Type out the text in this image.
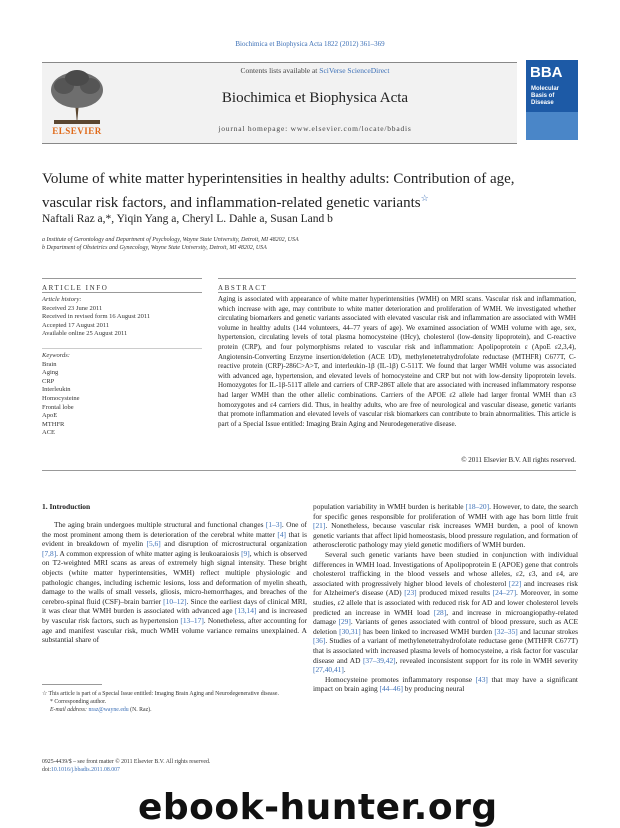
Biochimica et Biophysica Acta 1822 (2012) 361–369
ELSEVIER
Contents lists available at SciVerse ScienceDirect
Biochimica et Biophysica Acta
journal homepage: www.elsevier.com/locate/bbadis
BBA
Molecular Basis of Disease
Volume of white matter hyperintensities in healthy adults: Contribution of age, vascular risk factors, and inflammation-related genetic variants☆
Naftali Raz a,*, Yiqin Yang a, Cheryl L. Dahle a, Susan Land b
a Institute of Gerontology and Department of Psychology, Wayne State University, Detroit, MI 48202, USA
b Department of Obstetrics and Gynecology, Wayne State University, Detroit, MI 48202, USA
ARTICLE INFO	ABSTRACT
Article history:
Received 23 June 2011
Received in revised form 16 August 2011
Accepted 17 August 2011
Available online 25 August 2011
Keywords:
Brain
Aging
CRP
Interleukin
Homocysteine
Frontal lobe
ApoE
MTHFR
ACE
Aging is associated with appearance of white matter hyperintensities (WMH) on MRI scans. Vascular risk and inflammation, which increase with age, may contribute to white matter deterioration and proliferation of WMH. We investigated whether circulating biomarkers and genetic variants associated with elevated vascular risk and inflammation are associated with WMH volume in healthy adults (144 volunteers, 44–77 years of age). We examined association of WMH volume with age, sex, hypertension, circulating levels of total plasma homocysteine (tHcy), cholesterol (low-density lipoprotein), and C-reactive protein (CRP), and four polymorphisms related to vascular risk and inflammation: Apolipoprotein ε (ApoE ε2,3,4), Angiotensin-Converting Enzyme insertion/deletion (ACE I/D), methylenetetrahydrofolate reductase (MTHFR) C677T, C-reactive protein (CRP)-286C>A>T, and interleukin-1β (IL-1β) C-511T. We found that larger WMH volume was associated with advanced age, hypertension, and elevated levels of homocysteine and CRP but not with low-density lipoprotein levels. Homozygotes for IL-1β-511T allele and carriers of CRP-286T allele that are associated with increased inflammatory response had larger WMH than the other allelic combinations. Carriers of the APOE ε2 allele had larger frontal WMH than ε3 homozygotes and ε4 carriers did. Thus, in healthy adults, who are free of neurological and vascular disease, genetic variants that promote inflammation and elevated levels of vascular risk biomarkers can contribute to brain abnormalities. This article is part of a Special Issue entitled: Imaging Brain Aging and Neurodegenerative disease.
© 2011 Elsevier B.V. All rights reserved.
1. Introduction

The aging brain undergoes multiple structural and functional changes [1–3]. One of the most prominent among them is deterioration of the cerebral white matter [4] that is evident in breakdown of myelin [5,6] and disruption of microstructural organization [7,8]. A common expression of white matter aging is leukoaraiosis [9], which is observed on T2-weighted MRI scans as areas of extremely high signal intensity. These bright objects (white matter hyperintensities, WMH) reflect multiple physiologic and pathologic changes, including ischemic lesions, loss and deformation of myelin sheath, damage to the walls of small vessels, gliosis, micro-hemorrhages, and breaches of the cerebro-spinal fluid (CSF)–brain barrier [10–12]. Since the earliest days of clinical MRI, it was clear that WMH burden is associated with advanced age [13,14] and is increased by vascular risk factors, such as hypertension [13–17]. Nonetheless, after accounting for age and manifest vascular risk, much WMH volume variance remains unexplained. A substantial share of

population variability in WMH burden is heritable [18–20]. However, to date, the search for specific genes responsible for proliferation of WMH with age has born little fruit [21]. Nonetheless, because vascular risk increases WMH burden, a pool of known genetic variants that affect lipid homeostasis, blood pressure regulation, and formation of atherosclerotic pathology may yield genetic modifiers of WMH burden.

Several such genetic variants have been studied in conjunction with individual differences in WMH load. Investigations of Apolipoprotein E (APOE) gene that controls cholesterol trafficking in the blood vessels and whose alleles, ε2, ε3, and ε4, are associated with progressively higher blood levels of cholesterol [22] and increases risk for Alzheimer's disease (AD) [23] produced mixed results [24–27]. Moreover, in some studies, ε2 allele that is associated with reduced risk for AD and lower cholesterol levels predicted an increase in WMH load [28], and increase in microangiopathy-related damage [29]. Variants of genes associated with control of blood pressure, such as ACE deletion [30,31] has been linked to increased WMH burden [32–35] and lacunar strokes [36]. Studies of a variant of methylenetetrahydrofolate reductase gene (MTHFR C677T) that is associated with increased plasma levels of homocysteine, a risk factor for vascular disease and AD [37–39,42], revealed inconsistent support for its role in WMH severity [27,40,41].

Homocysteine promotes inflammatory response [43] that may have a significant impact on brain aging [44–46] by producing neural

☆ This article is part of a Special Issue entitled: Imaging Brain Aging and Neurodegenerative disease.
* Corresponding author.
E-mail address: nraz@wayne.edu (N. Raz).
0925-4439/$ – see front matter © 2011 Elsevier B.V. All rights reserved.
doi:10.1016/j.bbadis.2011.08.007
ebook-hunter.org
